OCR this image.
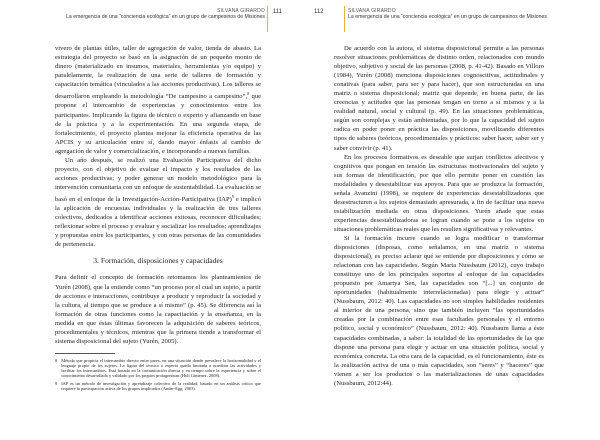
SILVANA GIRARDO
La emergencia de una “conciencia ecológica” en un grupo de campesinos de Misiones
111

vivero de plantas útiles, taller de agregación de valor, tienda de abasto. La estrategia del proyecto se basó en la asignación de un pequeño monto de dinero (materializado en insumos, materiales, herramientas y/o equipo) y paralelamente, la realización de una serie de talleres de formación y capacitación temática (vinculados a las acciones productivas). Los talleres se desarrollaron empleando la metodología “De campesino a campesino”,$^8$ que propone el intercambio de experiencias y conocimientos entre los participantes. Implicando la figura de técnico o experto y afianzando en base de la práctica y a la experimentación. En una segunda etapa, de fortalecimiento, el proyecto plantea mejorar la eficiencia operativa de las APCIS y su articulación entre sí, dando mayor énfasis al cambio de agregación de valor y comercialización, e incorporando a nuevas familias.

Un año después, se realizó una Evaluación Participativa del dicho proyecto, con el objetivo de evaluar el impacto y los resultados de las acciones productivas; y poder generar un modelo metodológico para la intervención comunitaria con un enfoque de sustentabilidad. La evaluación se basó en el enfoque de la Investigación-Acción-Participativa (IAP)$^9$ e implicó la aplicación de encuestas individuales y la realización de tres talleres colectivos, dedicados a identificar acciones exitosas, reconocer dificultades; reflexionar sobre el proceso y evaluar y socializar los resultados; aprendizajes y propuestas entre los participantes, y con otras personas de las comunidades de pertenencia.

3. Formación, disposiciones y capacidades

Para definir el concepto de formación retomamos los planteamientos de Yurén (2008), que la entiende como “un proceso por el cual un sujeto, a partir de acciones e interacciones, contribuye a producir y reproducir la sociedad y la cultura, al tiempo que se produce a sí mismo” (p. 45). Se diferencia así la formación de otras funciones como la capacitación y la enseñanza, en la medida en que éstas últimas favorecen la adquisición de saberes teóricos, procedimentales y técnicos, mientras que la primera tiende a transformar el sistema disposicional del sujeto (Yurén, 2005).

8 Método que propicia el intercambio directo entre pares, en una situación donde prevalece la horizontalidad y el lenguaje propio de los sujetos. La figura del técnico o experto queda limitada a acreditar las actividades y facilitar los intercambios. Está basado en la comunicación directa y en tiempo sobre la experiencia y sobre el conocimiento desarrollado y validado por los propios protagonistas (Holt Giménez, 2008).
9 IAP es un método de investigación y aprendizaje colectivo de la realidad, basado en un análisis crítico que requiere la participación activa de los grupos implicados (Ander-Egg, 2003).
112	SILVANA GIRARDO
La emergencia de una “conciencia ecológica” en un grupo de campesinos de Misiones

De acuerdo con la autora, el sistema disposicional permite a las personas resolver situaciones problemáticas de distinto orden, relacionados con mundo objetivo, subjetivo y social de las personas (2008, p. 41-42). Basado en Villoro (1984), Yurén (2008) menciona disposiciones cognoscitivas, actitudinales y conativas (para saber, para ser y para hacer), que son estructuradas en una matriz o sistema disposicional; matriz que depende, en buena parte, de las creencias y actitudes que las personas tengan en torno a sí mismos y a la realidad natural, social y cultural (p. 49). En las situaciones problemáticas, según son complejas y están ambientadas, por lo que la capacidad del sujeto radica en poder poner en práctica las disposiciones, movilizando diferentes tipos de saberes (teóricos, procedimentales y prácticos: saber hacer, saber ser y saber convivir (p. 41).

En los procesos formativos es deseable que surjan conflictos afectivos y cognitivos que pongan en tensión las estructuras motivacionales del sujeto y sus formas de identificación, por que ello permite poner en cuestión las modalidades y desestabilizar sus apoyos. Para que se produzca la formación, señala Avanzini (1998), se requiere de experiencias desestabilizadoras que desestructuren a los sujetos demasiado apresurada, a fin de facilitar una nueva estabilización mediada en otras disposiciones. Yurén añade que estas experiencias desestabilizadoras se logran cuando se pone a los sujetos en situaciones problemáticas reales que les resulten significativas y relevantes.

Si la formación incurre cuando se logra modificar o transformar disposiciones (disposas, como señalamos, en una matriz o sistema disposicional), es preciso aclarar qué se entiende por disposiciones y cómo se relacionan con las capacidades. Según Marta Nussbaum (2012), cuyo trabajo constituye uno de los principales soportes al enfoque de las capacidades propuesto por Amartya Sen, las capacidades son “[...] un conjunto de oportunidades (habitualmente interrelacionadas) para elegir y actuar” (Nussbaum, 2012: 40). Las capacidades no son simples habilidades residentes al interior de una persona, sino que también incluyen “las oportunidades creadas por la combinación entre esas facultades personales y el entorno político, social y económico” (Nussbaum, 2012: 40). Nussbaum llama a éste capacidades combinadas, a saber: la totalidad de las oportunidades de las que dispone una persona para elegir y actuar en una situación política, social y económica concreta. La otra cara de la capacidad, es el funcionamiento, éste es la realización activa de una o más capacidades, son “seres” y “haceres” que vienen a ser los productos o las materializaciones de unas capacidades (Nussbaum, 2012:44).
